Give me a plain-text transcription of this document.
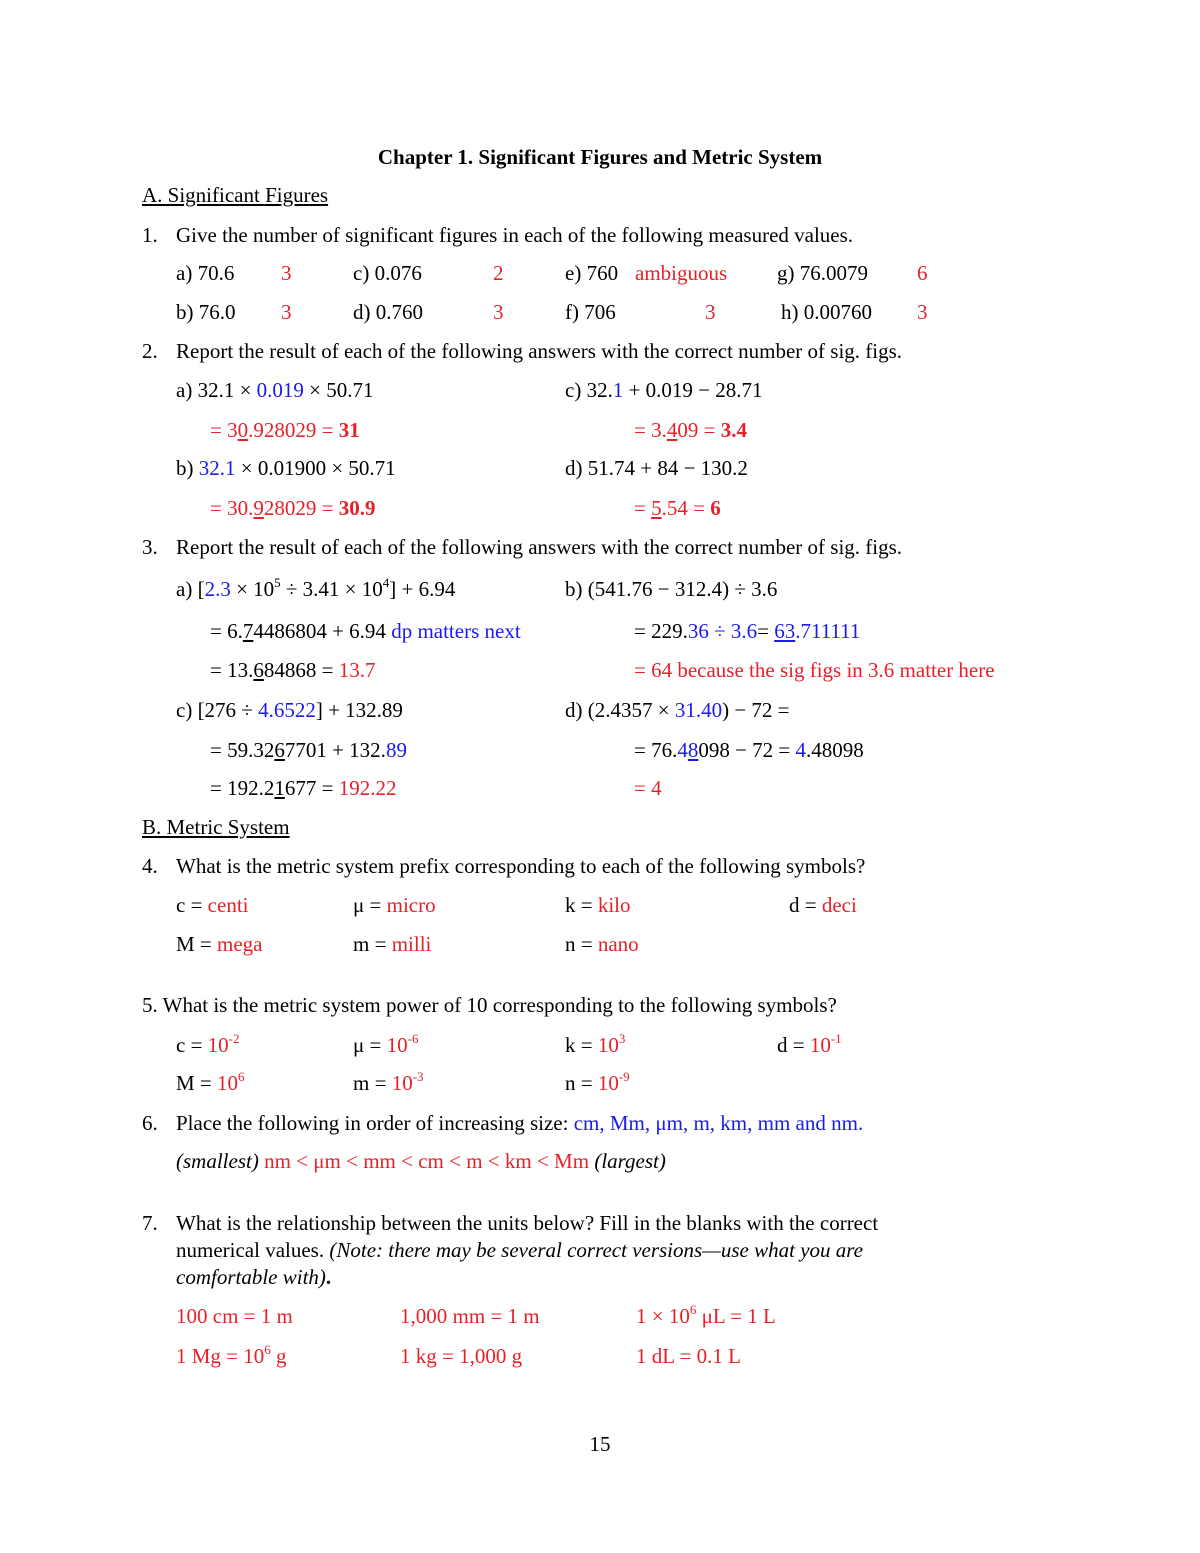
Chapter 1. Significant Figures and Metric System
A. Significant Figures
1. Give the number of significant figures in each of the following measured values.
a) 70.6 3	c) 0.076	2	e) 760 ambiguous g) 76.0079 6
b) 76.0 3	d) 0.760	3	f) 706	3	h) 0.00760 3
2. Report the result of each of the following answers with the correct number of sig. figs.
a) 32.1 × 0.019 × 50.71
= 30.928029 = 31
c) 32.1 + 0.019 − 28.71
= 3.409 = 3.4
b) 32.1 × 0.01900 × 50.71
= 30.928029 = 30.9
d) 51.74 + 84 − 130.2
= 5.54 = 6
3. Report the result of each of the following answers with the correct number of sig. figs.
a) $[2.3 \times 10^5 \div 3.41 \times 10^4] + 6.94$
= 6.74486804 + 6.94 dp matters next
= 13.684868 = 13.7
b) (541.76 − 312.4) ÷ 3.6
= 229.36 ÷ 3.6= 63.711111
= 64 because the sig figs in 3.6 matter here
c) [276 ÷ 4.6522] + 132.89
= 59.3267701 + 132.89
= 192.21677 = 192.22
d) (2.4357 × 31.40) − 72 =
= 76.48098 − 72 = 4.48098
= 4
B. Metric System
4. What is the metric system prefix corresponding to each of the following symbols?
c = centi	μ = micro	k = kilo	d = deci
M = mega	m = milli	n = nano
5. What is the metric system power of 10 corresponding to the following symbols?
$c = 10^{-2}$	$\mu = 10^{-6}$	$k = 10^3$	$d = 10^{-1}$
$M = 10^6$	$m = 10^{-3}$	$n = 10^{-9}$
6. Place the following in order of increasing size: cm, Mm, μm, m, km, mm and nm.
(smallest) nm < μm < mm < cm < m < km < Mm (largest)
7. What is the relationship between the units below? Fill in the blanks with the correct
numerical values. (Note: there may be several correct versions—use what you are
comfortable with).
100 cm = 1 m	1,000 mm = 1 m	$1 \times 10^6$ μL = 1 L
1 $Mg = 10^6$ g	1 kg = 1,000 g	1 dL = 0.1 L
15
